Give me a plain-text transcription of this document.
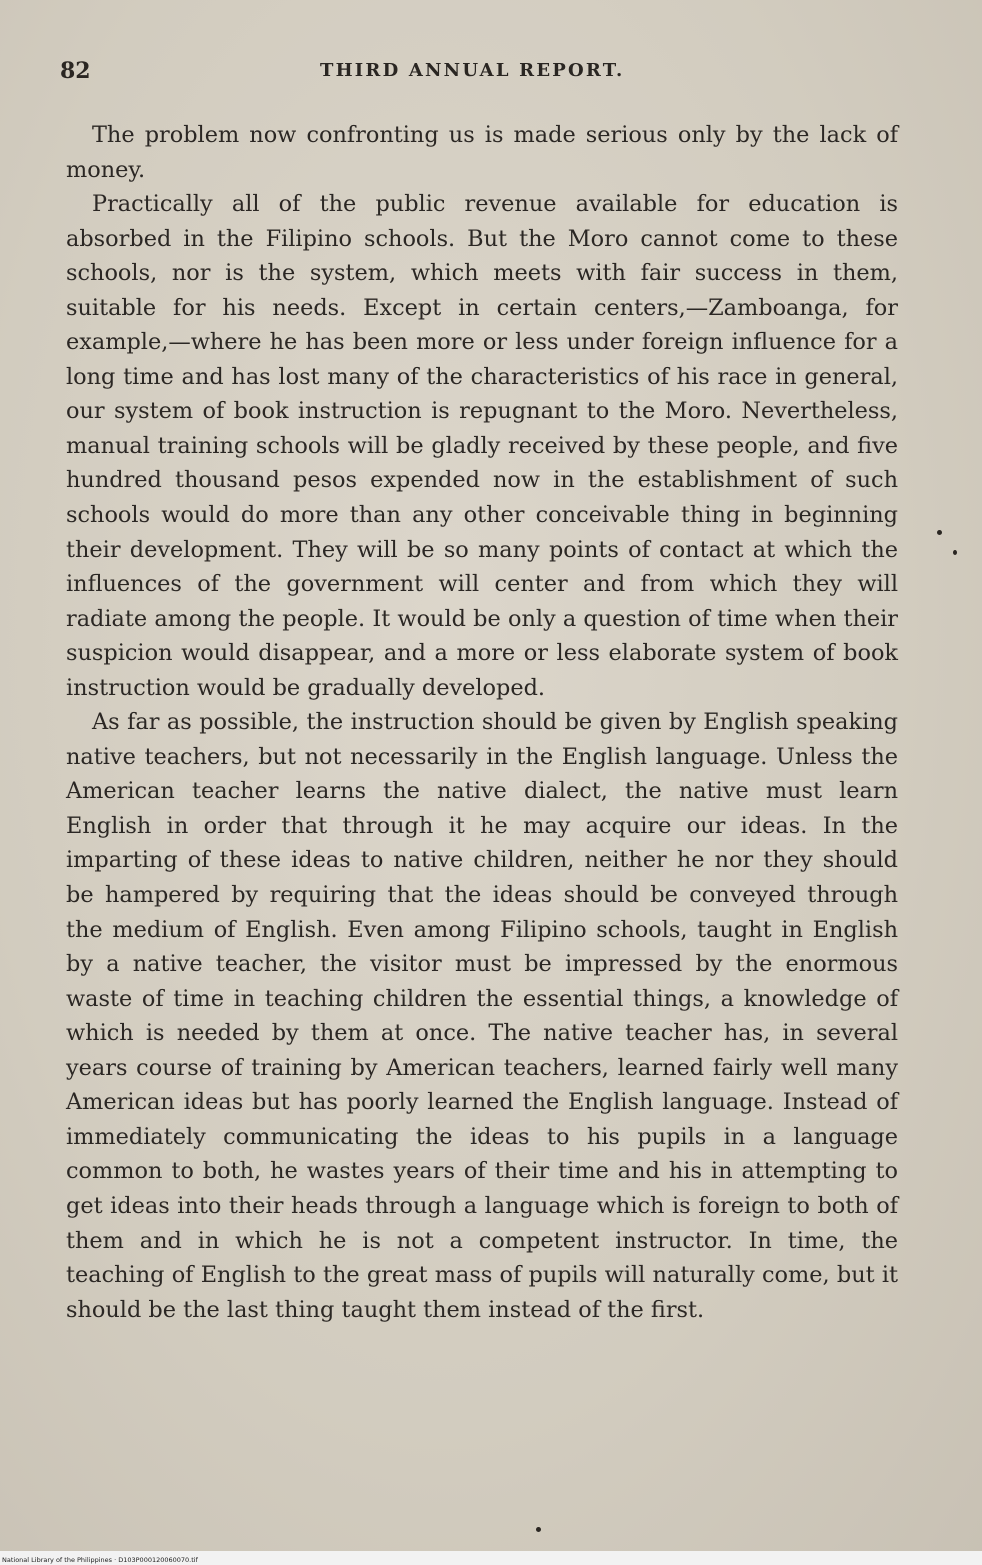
82	THIRD ANNUAL REPORT.

The problem now confronting us is made serious only by the lack of money.

Practically all of the public revenue available for education is absorbed in the Filipino schools. But the Moro cannot come to these schools, nor is the system, which meets with fair success in them, suitable for his needs. Except in certain centers,—Zamboanga, for example,—where he has been more or less under foreign influence for a long time and has lost many of the characteristics of his race in general, our system of book instruction is repugnant to the Moro. Nevertheless, manual training schools will be gladly received by these people, and five hundred thousand pesos expended now in the establishment of such schools would do more than any other conceivable thing in beginning their development. They will be so many points of contact at which the influences of the government will center and from which they will radiate among the people. It would be only a question of time when their suspicion would disappear, and a more or less elaborate system of book instruction would be gradually developed.

As far as possible, the instruction should be given by English speaking native teachers, but not necessarily in the English language. Unless the American teacher learns the native dialect, the native must learn English in order that through it he may acquire our ideas. In the imparting of these ideas to native children, neither he nor they should be hampered by requiring that the ideas should be conveyed through the medium of English. Even among Filipino schools, taught in English by a native teacher, the visitor must be impressed by the enormous waste of time in teaching children the essential things, a knowledge of which is needed by them at once. The native teacher has, in several years course of training by American teachers, learned fairly well many American ideas but has poorly learned the English language. Instead of immediately communicating the ideas to his pupils in a language common to both, he wastes years of their time and his in attempting to get ideas into their heads through a language which is foreign to both of them and in which he is not a competent instructor. In time, the teaching of English to the great mass of pupils will naturally come, but it should be the last thing taught them instead of the first.

National Library of the Philippines · D103P000120060070.tif
